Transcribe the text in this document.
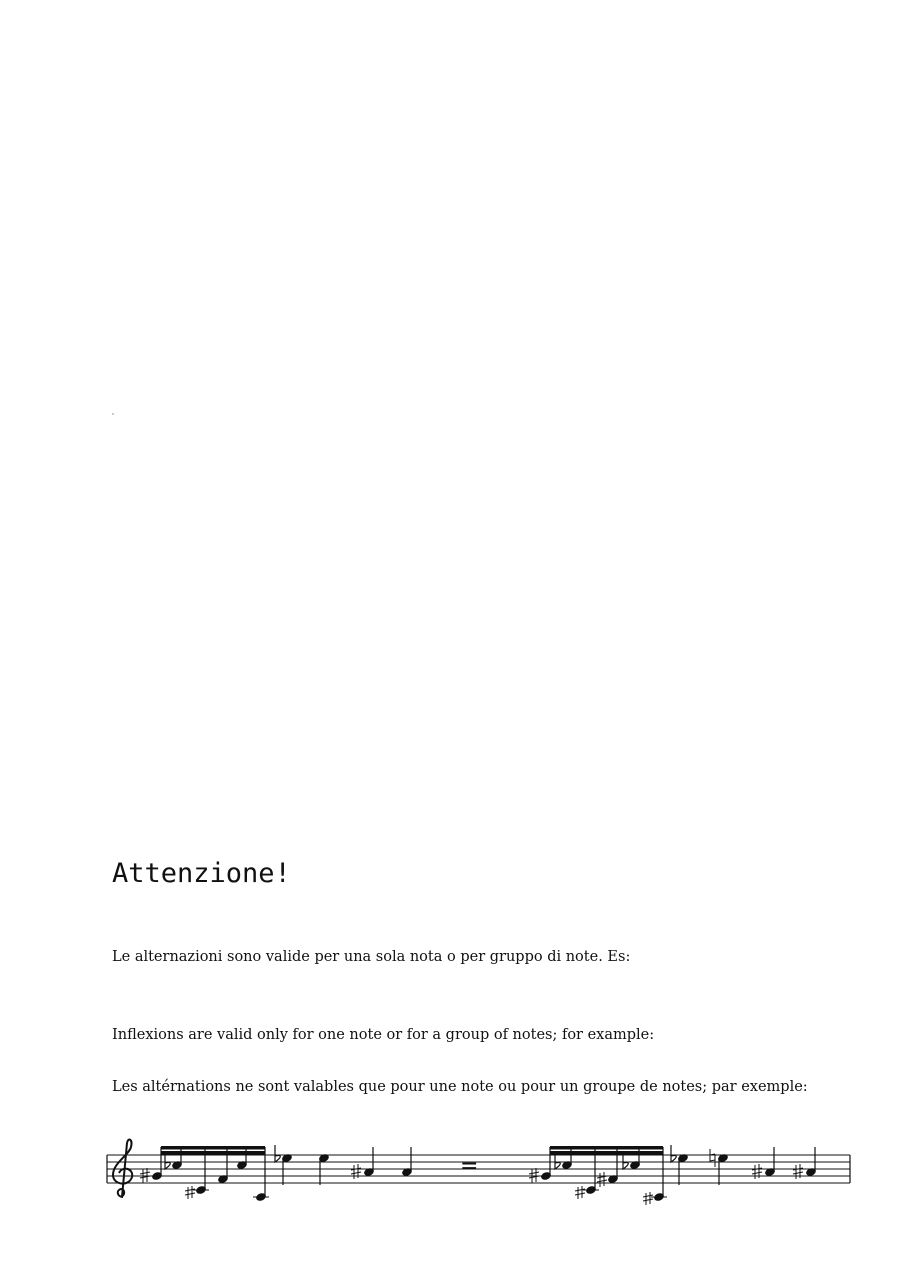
Attenzione!

Le alternazioni sono valide per una sola nota o per gruppo di note. Es:

Inflexions are valid only for one note or for a group of notes; for example:

Les altérnations ne sont valables que pour une note ou pour un groupe de notes; par exemple:

=
